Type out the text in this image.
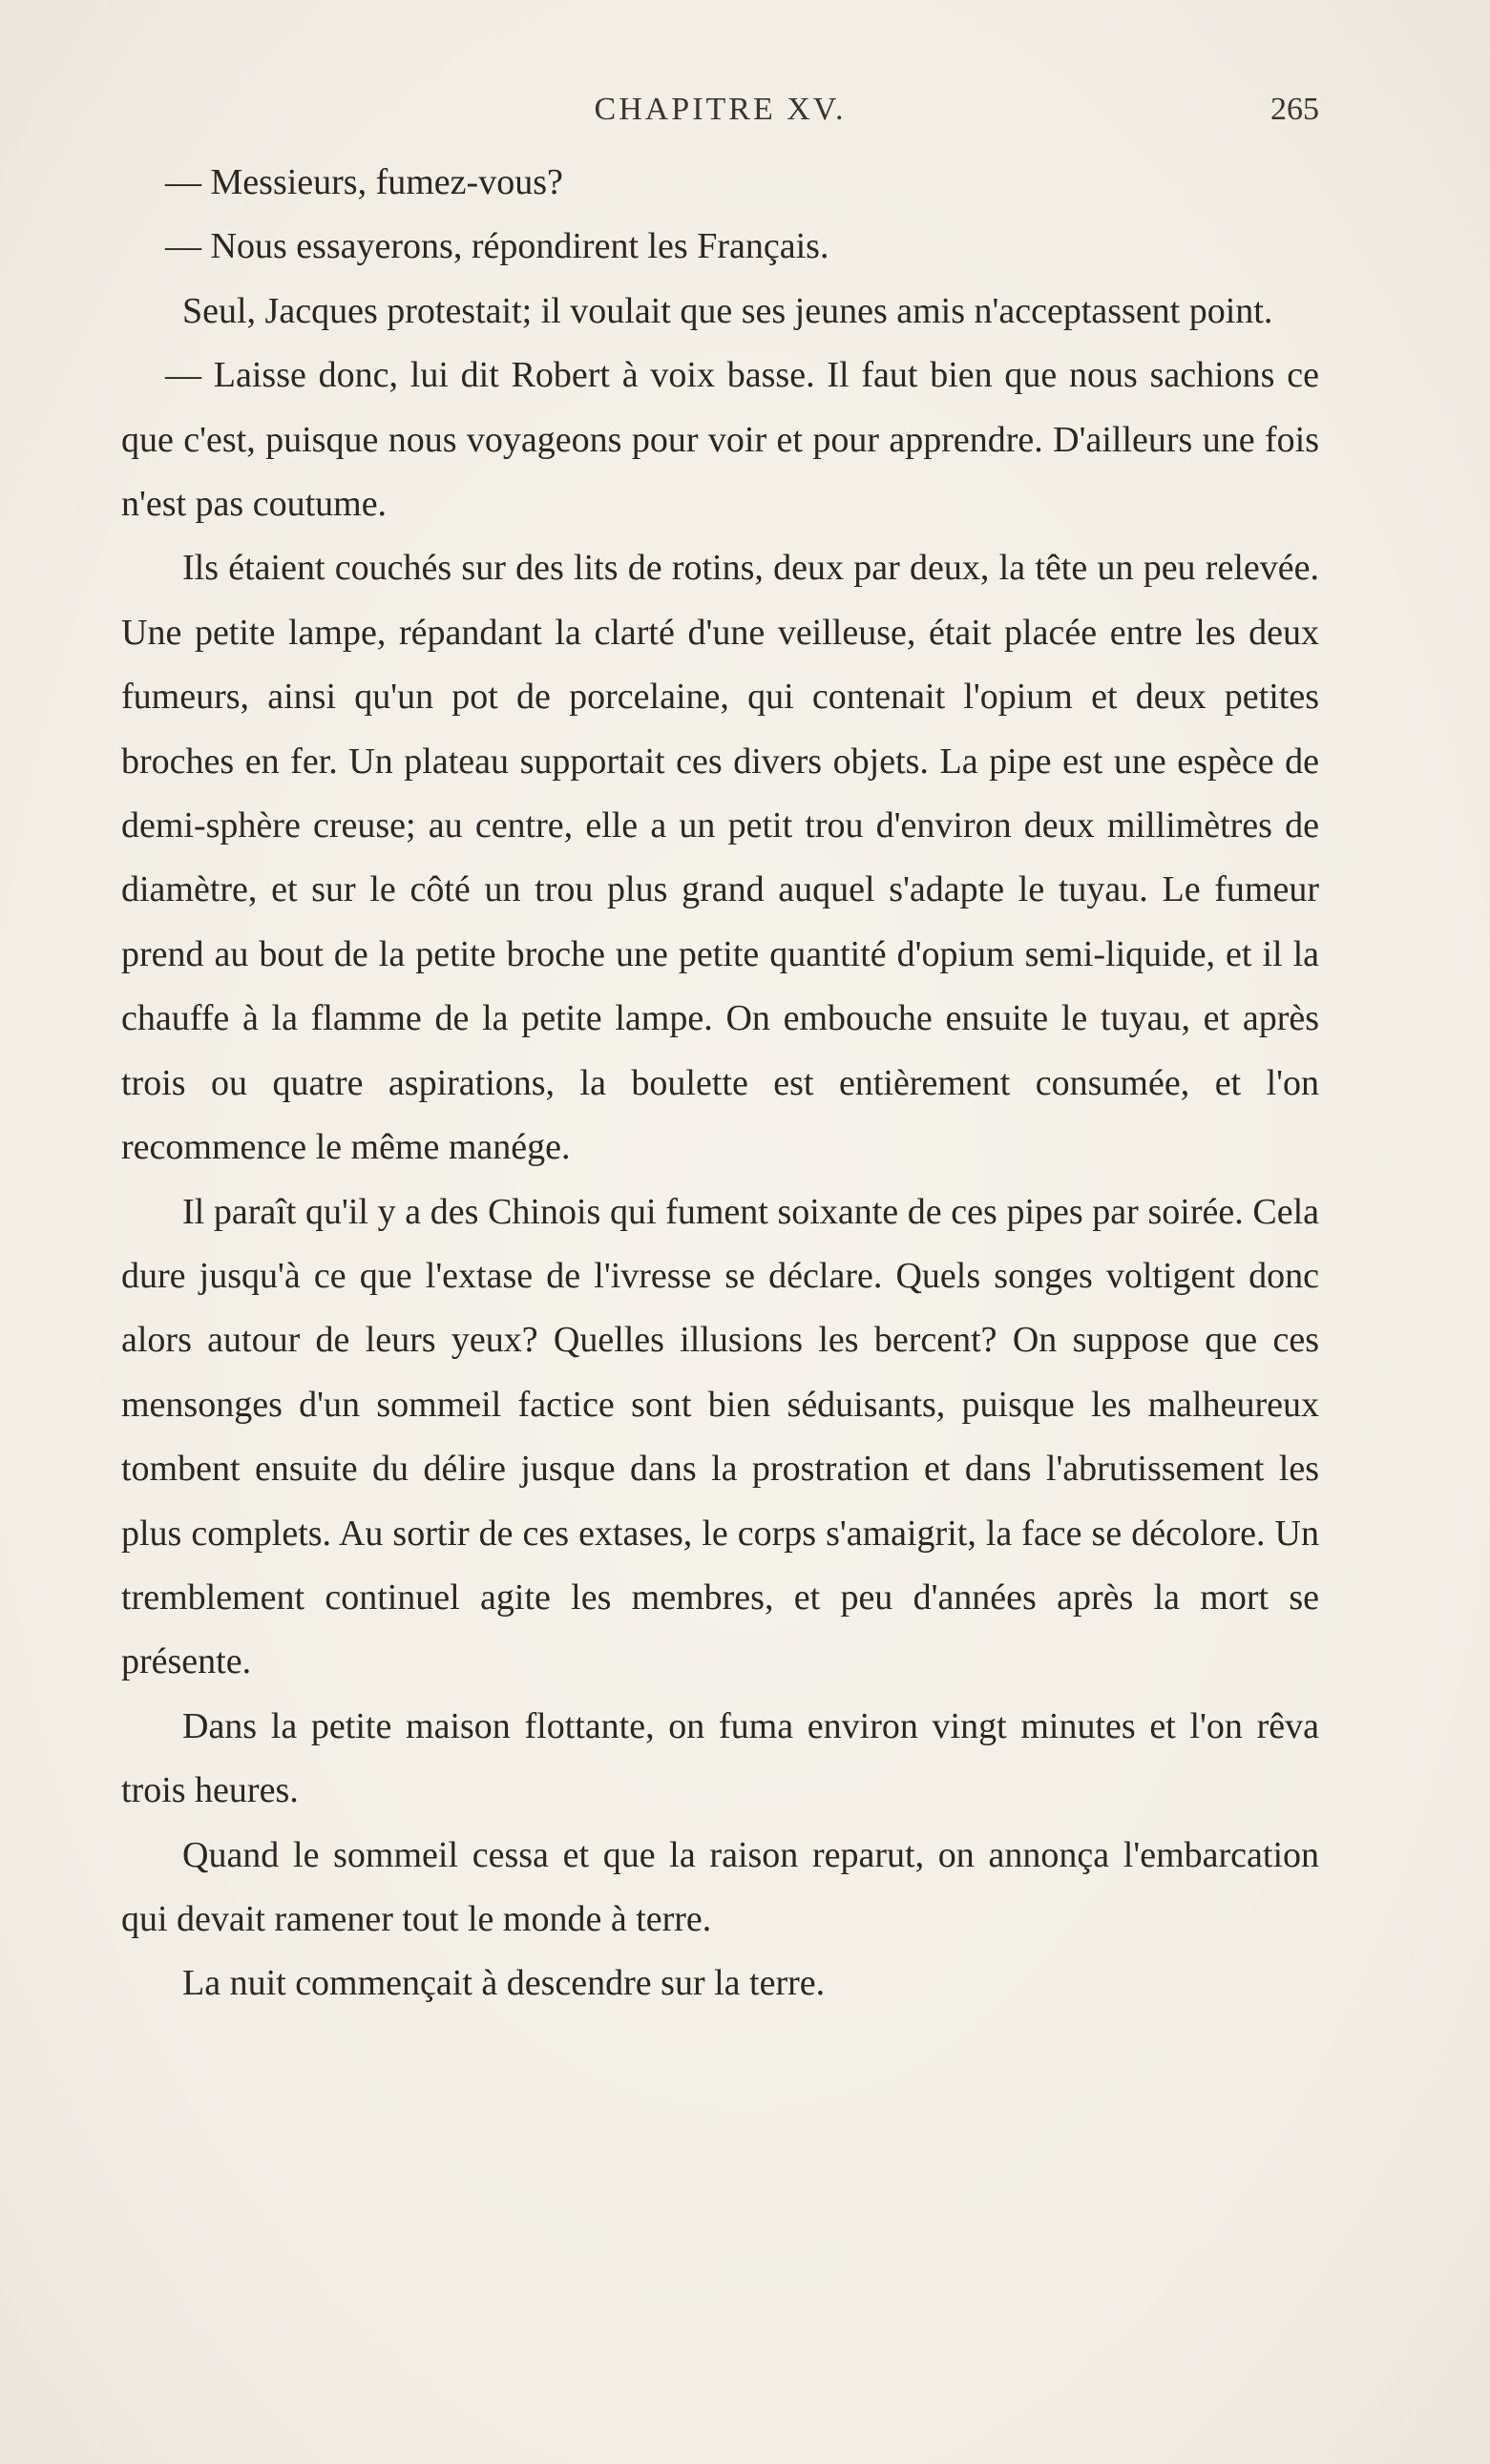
CHAPITRE XV.	265

— Messieurs, fumez-vous?

— Nous essayerons, répondirent les Français.

Seul, Jacques protestait; il voulait que ses jeunes amis n'acceptassent point.

— Laisse donc, lui dit Robert à voix basse. Il faut bien que nous sachions ce que c'est, puisque nous voyageons pour voir et pour apprendre. D'ailleurs une fois n'est pas coutume.

Ils étaient couchés sur des lits de rotins, deux par deux, la tête un peu relevée. Une petite lampe, répandant la clarté d'une veilleuse, était placée entre les deux fumeurs, ainsi qu'un pot de porcelaine, qui contenait l'opium et deux petites broches en fer. Un plateau supportait ces divers objets. La pipe est une espèce de demi-sphère creuse; au centre, elle a un petit trou d'environ deux millimètres de diamètre, et sur le côté un trou plus grand auquel s'adapte le tuyau. Le fumeur prend au bout de la petite broche une petite quantité d'opium semi-liquide, et il la chauffe à la flamme de la petite lampe. On embouche ensuite le tuyau, et après trois ou quatre aspirations, la boulette est entièrement consumée, et l'on recommence le même manége.

Il paraît qu'il y a des Chinois qui fument soixante de ces pipes par soirée. Cela dure jusqu'à ce que l'extase de l'ivresse se déclare. Quels songes voltigent donc alors autour de leurs yeux? Quelles illusions les bercent? On suppose que ces mensonges d'un sommeil factice sont bien séduisants, puisque les malheureux tombent ensuite du délire jusque dans la prostration et dans l'abrutissement les plus complets. Au sortir de ces extases, le corps s'amaigrit, la face se décolore. Un tremblement continuel agite les membres, et peu d'années après la mort se présente.

Dans la petite maison flottante, on fuma environ vingt minutes et l'on rêva trois heures.

Quand le sommeil cessa et que la raison reparut, on annonça l'embarcation qui devait ramener tout le monde à terre.

La nuit commençait à descendre sur la terre.
